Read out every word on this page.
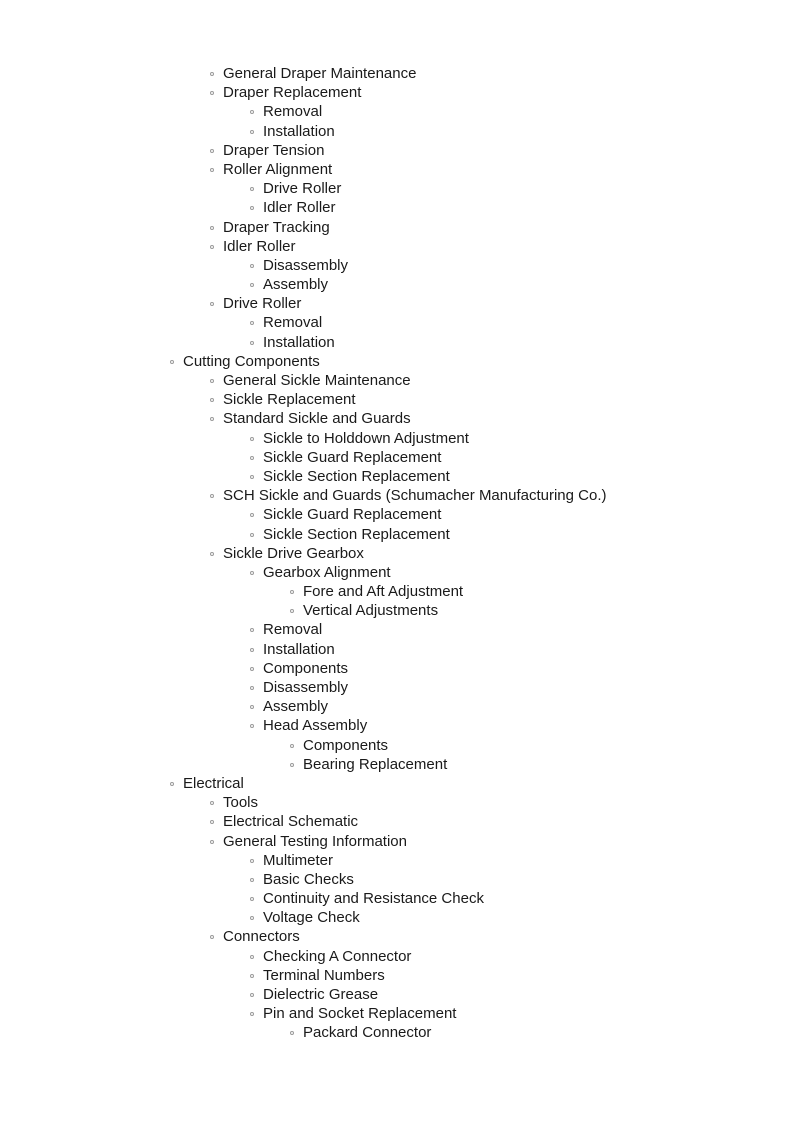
General Draper Maintenance
Draper Replacement
Removal
Installation
Draper Tension
Roller Alignment
Drive Roller
Idler Roller
Draper Tracking
Idler Roller
Disassembly
Assembly
Drive Roller
Removal
Installation
Cutting Components
General Sickle Maintenance
Sickle Replacement
Standard Sickle and Guards
Sickle to Holddown Adjustment
Sickle Guard Replacement
Sickle Section Replacement
SCH Sickle and Guards (Schumacher Manufacturing Co.)
Sickle Guard Replacement
Sickle Section Replacement
Sickle Drive Gearbox
Gearbox Alignment
Fore and Aft Adjustment
Vertical Adjustments
Removal
Installation
Components
Disassembly
Assembly
Head Assembly
Components
Bearing Replacement
Electrical
Tools
Electrical Schematic
General Testing Information
Multimeter
Basic Checks
Continuity and Resistance Check
Voltage Check
Connectors
Checking A Connector
Terminal Numbers
Dielectric Grease
Pin and Socket Replacement
Packard Connector
